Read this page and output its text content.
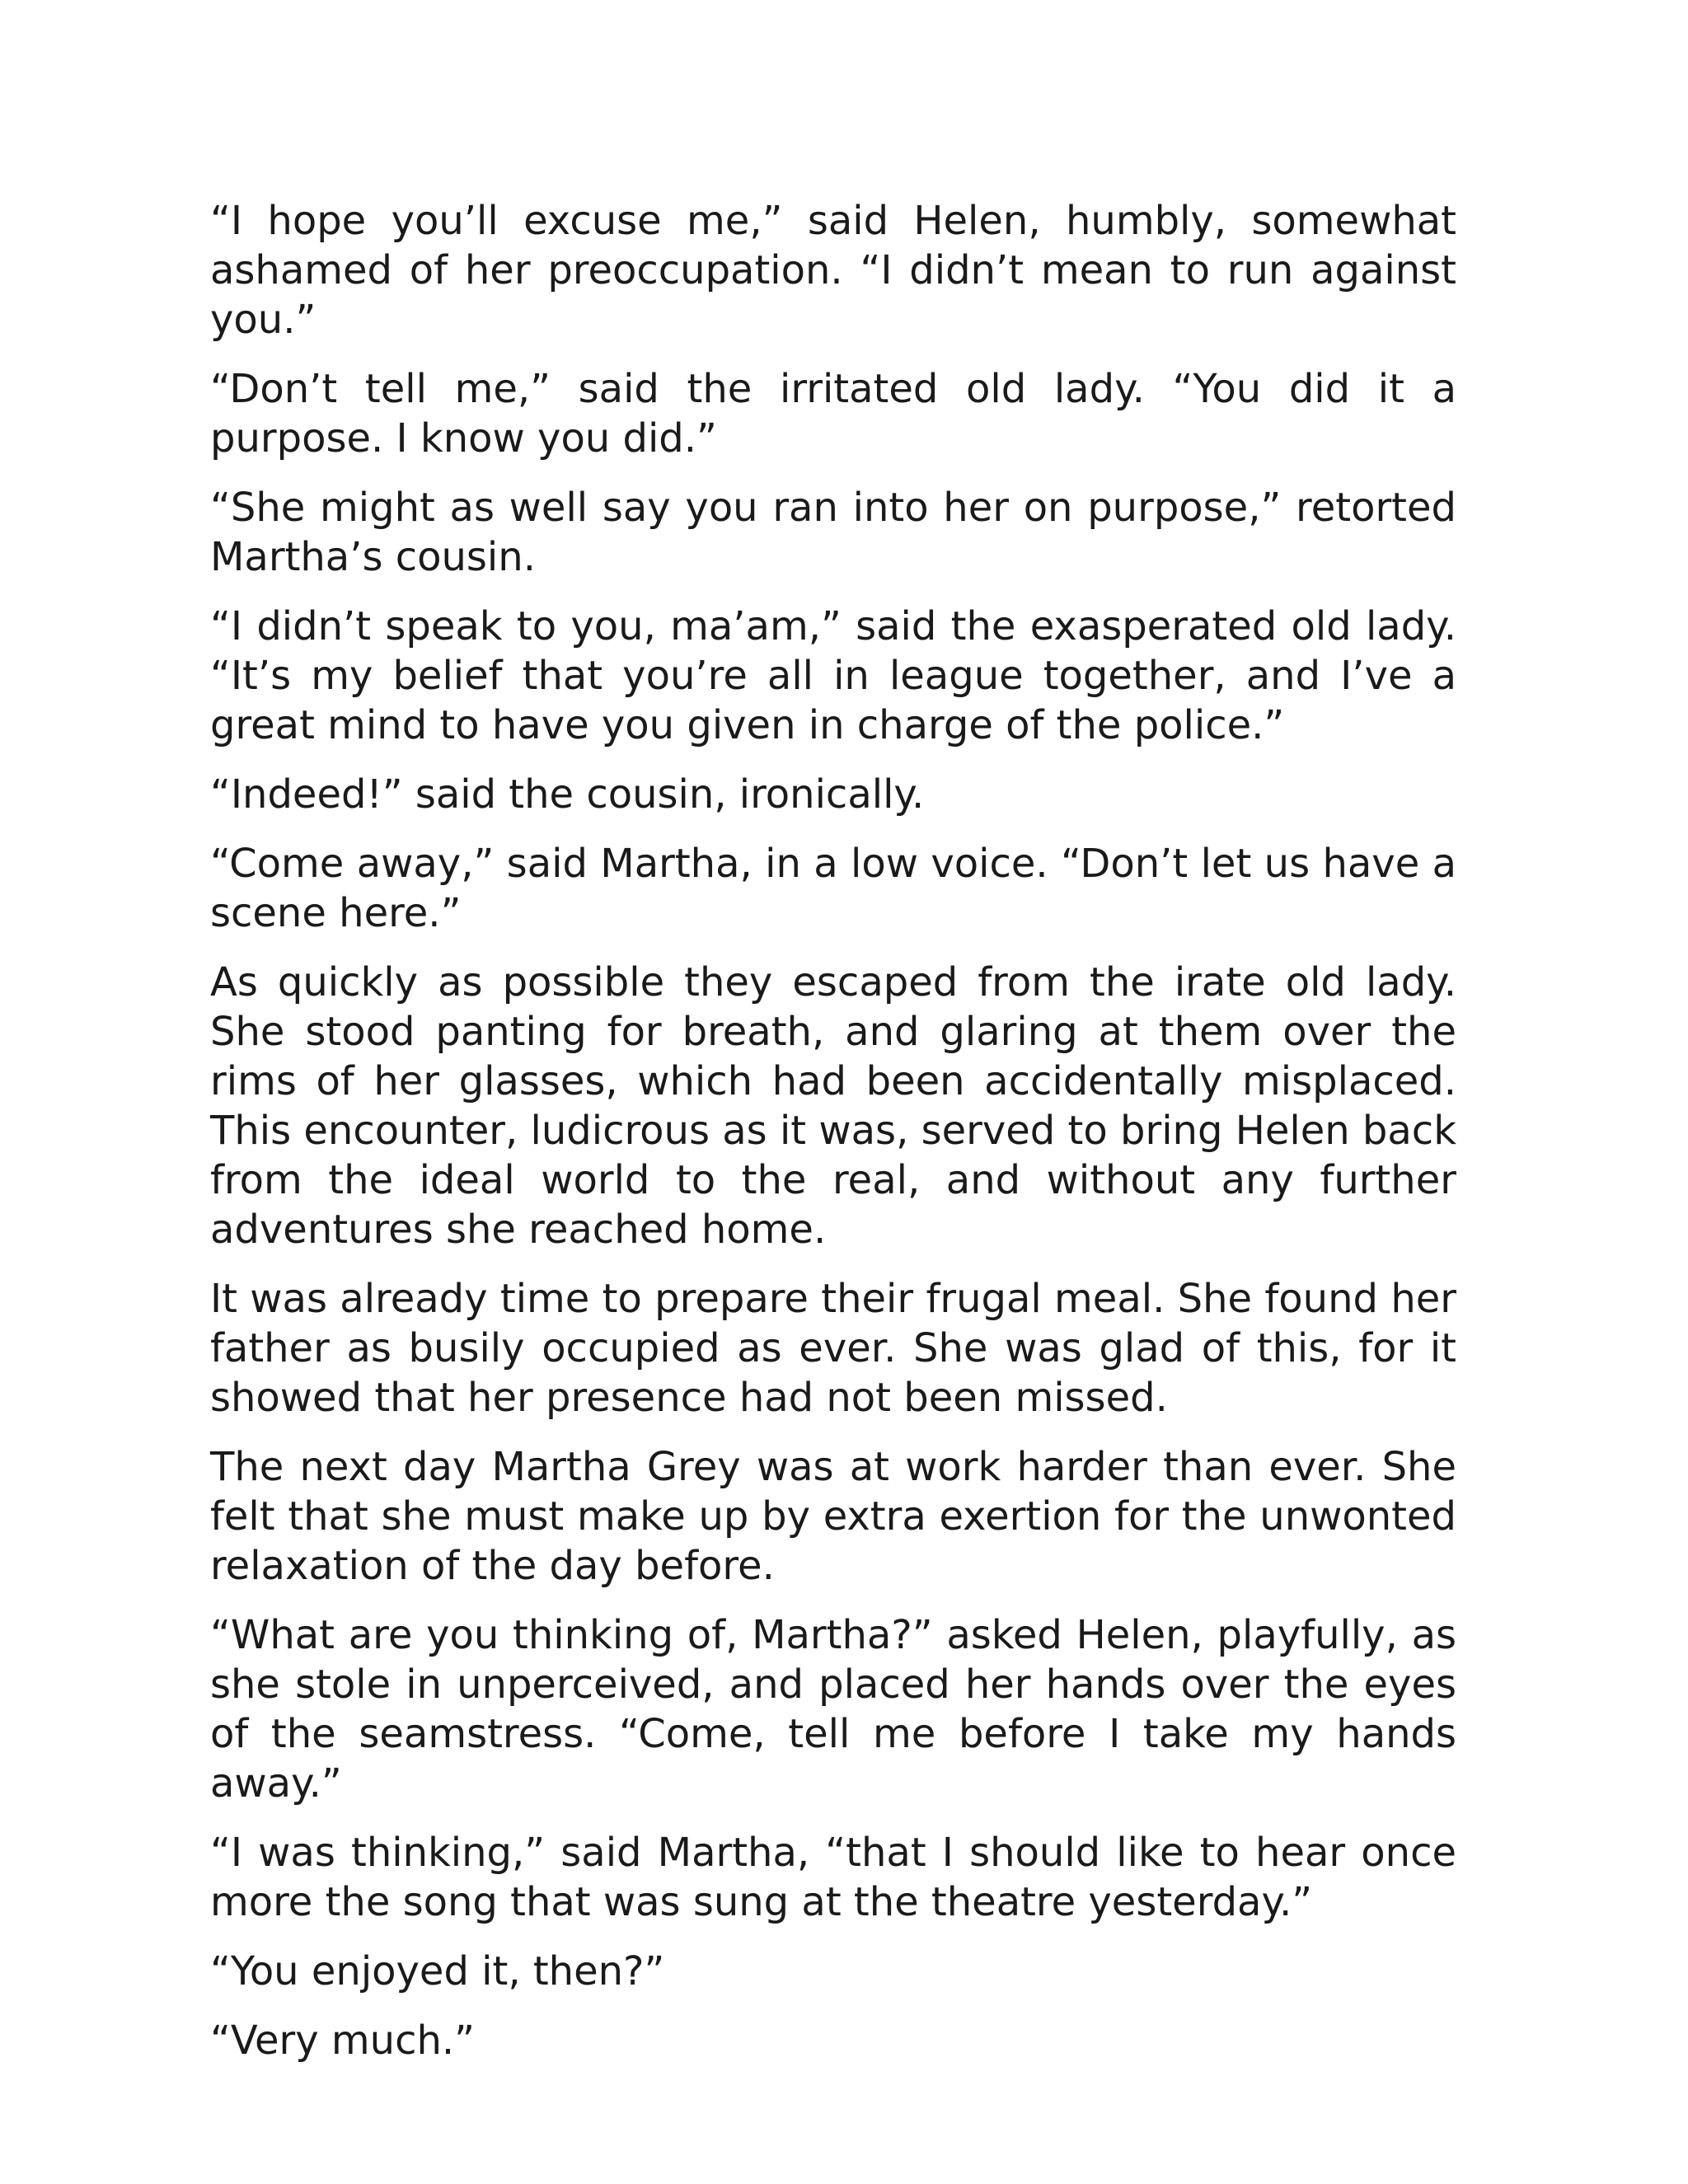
“I hope you’ll excuse me,” said Helen, humbly, somewhat ashamed of her preoccupation. “I didn’t mean to run against you.”

“Don’t tell me,” said the irritated old lady. “You did it a purpose. I know you did.”

“She might as well say you ran into her on purpose,” retorted Martha’s cousin.

“I didn’t speak to you, ma’am,” said the exasperated old lady. “It’s my belief that you’re all in league together, and I’ve a great mind to have you given in charge of the police.”

“Indeed!” said the cousin, ironically.

“Come away,” said Martha, in a low voice. “Don’t let us have a scene here.”

As quickly as possible they escaped from the irate old lady. She stood panting for breath, and glaring at them over the rims of her glasses, which had been accidentally misplaced. This encounter, ludicrous as it was, served to bring Helen back from the ideal world to the real, and without any further adventures she reached home.

It was already time to prepare their frugal meal. She found her father as busily occupied as ever. She was glad of this, for it showed that her presence had not been missed.

The next day Martha Grey was at work harder than ever. She felt that she must make up by extra exertion for the unwonted relaxation of the day before.

“What are you thinking of, Martha?” asked Helen, playfully, as she stole in unperceived, and placed her hands over the eyes of the seamstress. “Come, tell me before I take my hands away.”

“I was thinking,” said Martha, “that I should like to hear once more the song that was sung at the theatre yesterday.”

“You enjoyed it, then?”

“Very much.”
